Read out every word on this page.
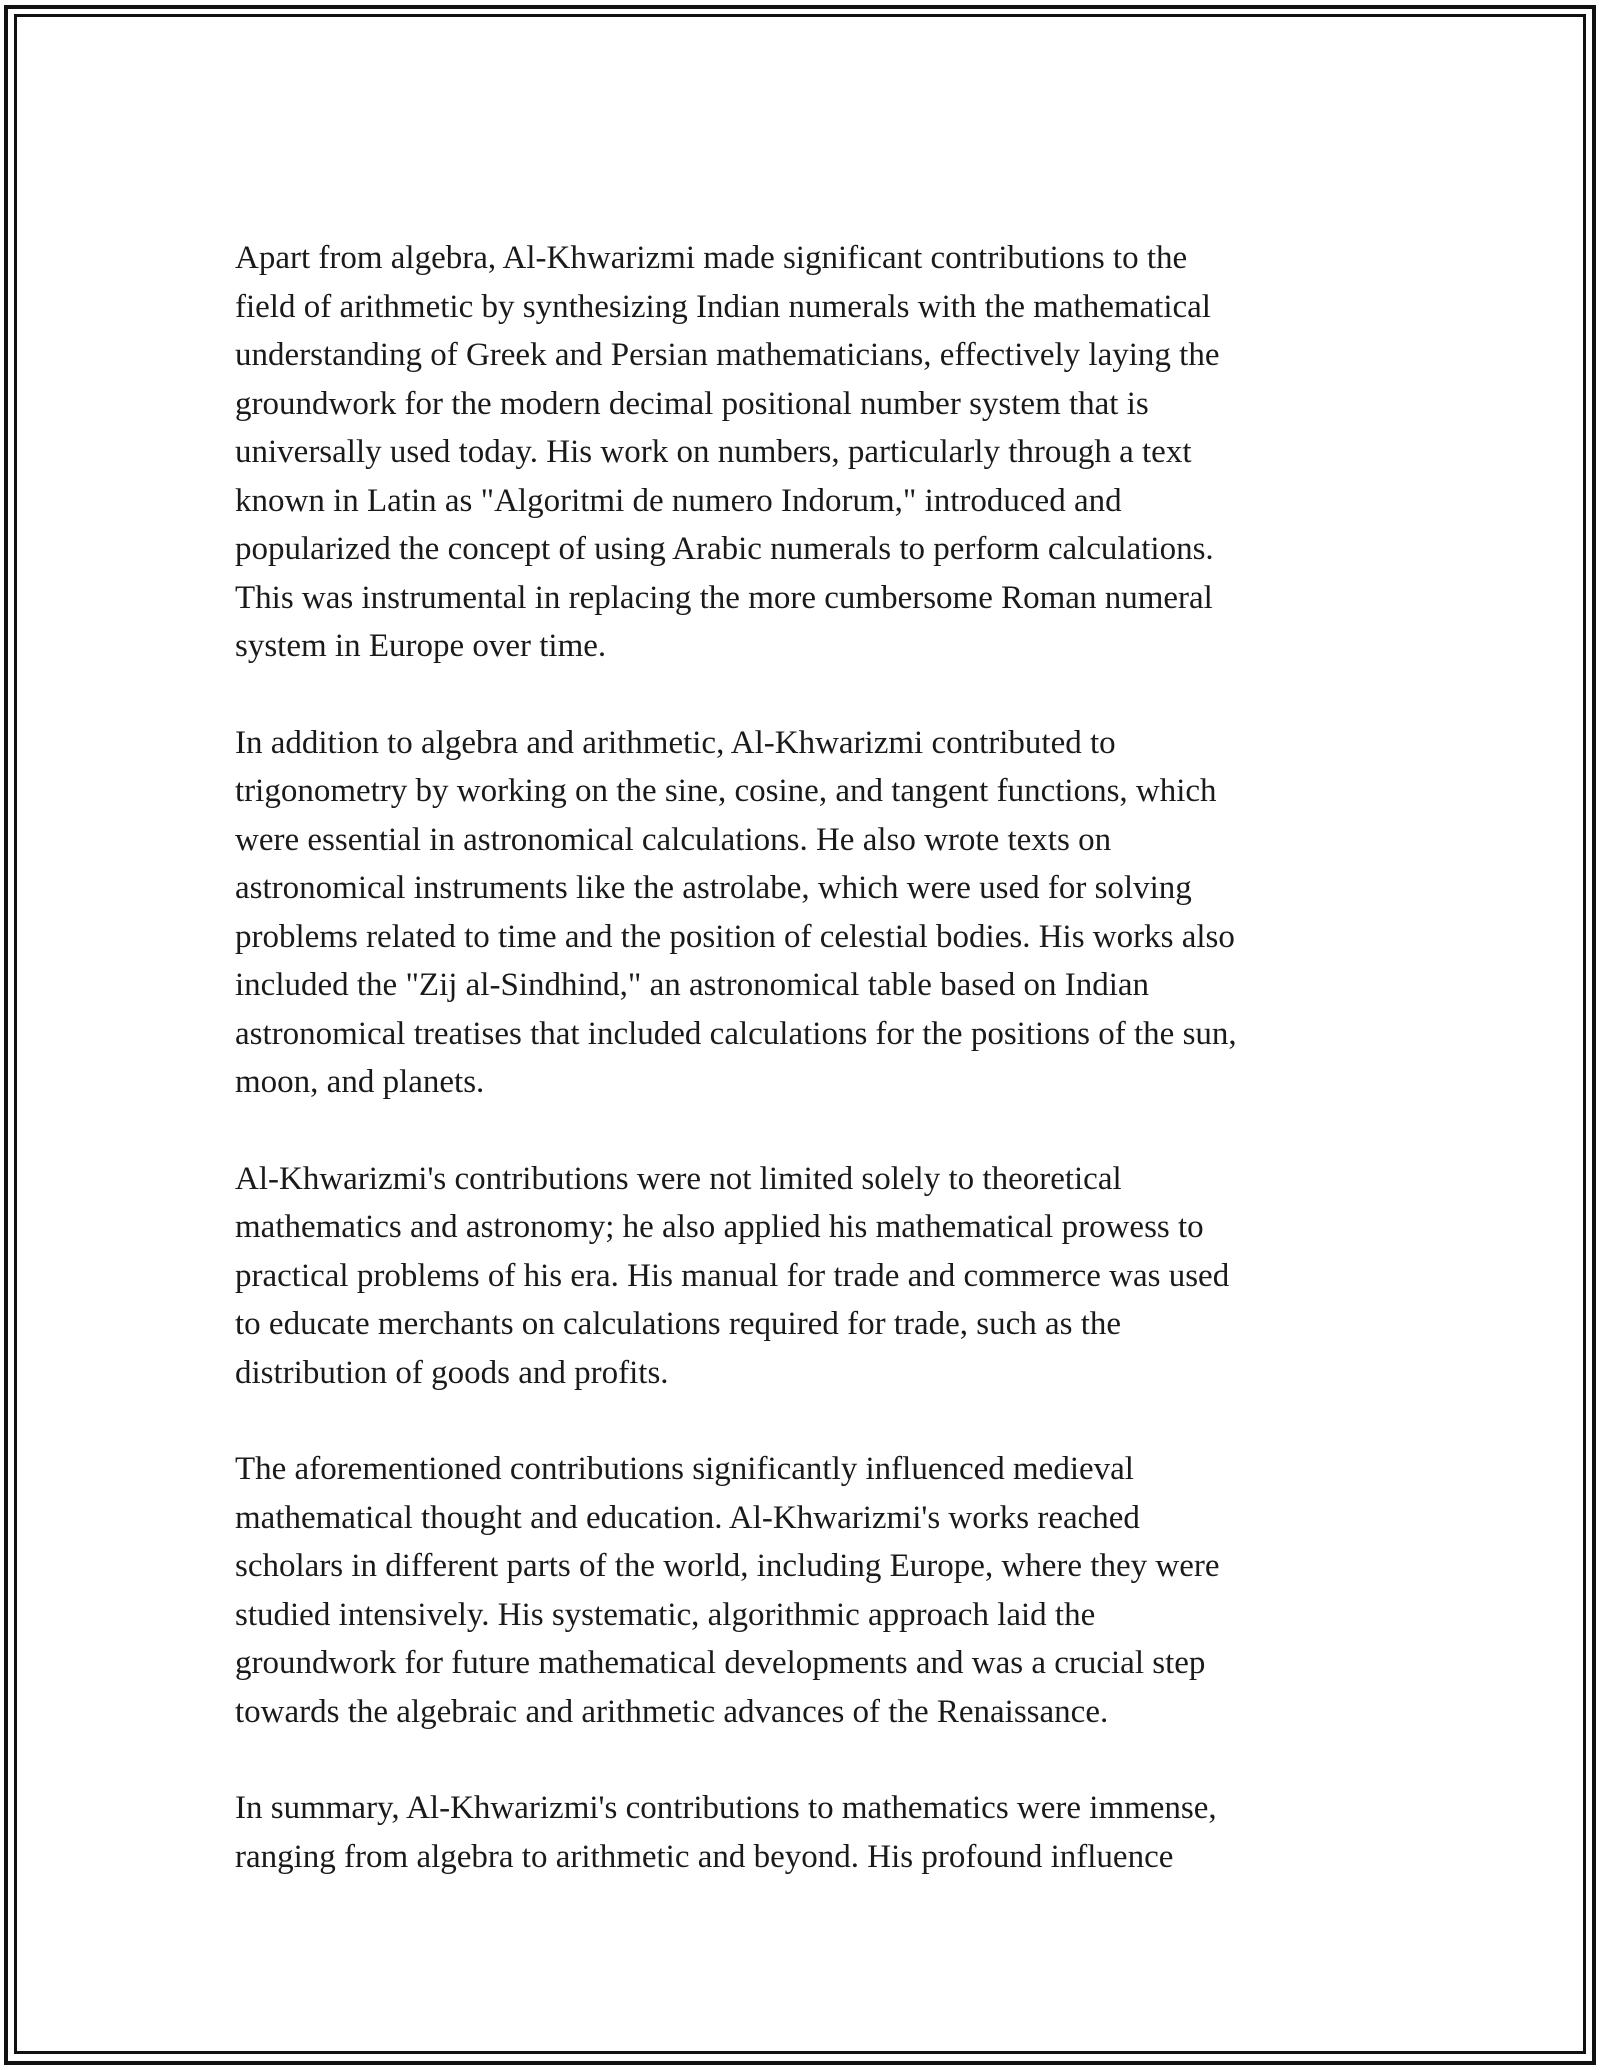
Apart from algebra, Al-Khwarizmi made significant contributions to the
field of arithmetic by synthesizing Indian numerals with the mathematical
understanding of Greek and Persian mathematicians, effectively laying the
groundwork for the modern decimal positional number system that is
universally used today. His work on numbers, particularly through a text
known in Latin as "Algoritmi de numero Indorum," introduced and
popularized the concept of using Arabic numerals to perform calculations.
This was instrumental in replacing the more cumbersome Roman numeral
system in Europe over time.

In addition to algebra and arithmetic, Al-Khwarizmi contributed to
trigonometry by working on the sine, cosine, and tangent functions, which
were essential in astronomical calculations. He also wrote texts on
astronomical instruments like the astrolabe, which were used for solving
problems related to time and the position of celestial bodies. His works also
included the "Zij al-Sindhind," an astronomical table based on Indian
astronomical treatises that included calculations for the positions of the sun,
moon, and planets.

Al-Khwarizmi's contributions were not limited solely to theoretical
mathematics and astronomy; he also applied his mathematical prowess to
practical problems of his era. His manual for trade and commerce was used
to educate merchants on calculations required for trade, such as the
distribution of goods and profits.

The aforementioned contributions significantly influenced medieval
mathematical thought and education. Al-Khwarizmi's works reached
scholars in different parts of the world, including Europe, where they were
studied intensively. His systematic, algorithmic approach laid the
groundwork for future mathematical developments and was a crucial step
towards the algebraic and arithmetic advances of the Renaissance.

In summary, Al-Khwarizmi's contributions to mathematics were immense,
ranging from algebra to arithmetic and beyond. His profound influence
